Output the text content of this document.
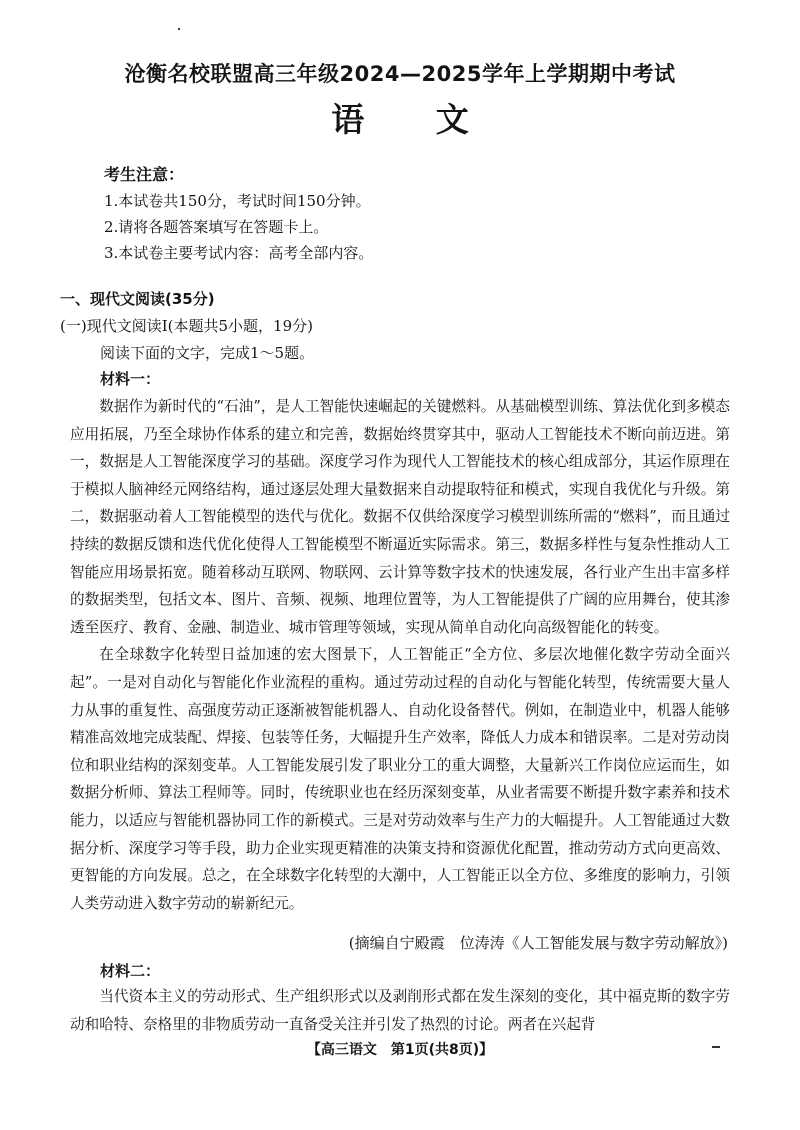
沧衡名校联盟高三年级2024—2025学年上学期期中考试
语 文
考生注意：
1.本试卷共150分，考试时间150分钟。
2.请将各题答案填写在答题卡上。
3.本试卷主要考试内容：高考全部内容。
一、现代文阅读(35分)
(一)现代文阅读Ⅰ(本题共5小题，19分)
阅读下面的文字，完成1～5题。
材料一：

数据作为新时代的“石油”，是人工智能快速崛起的关键燃料。从基础模型训练、算法优化到多模态应用拓展，乃至全球协作体系的建立和完善，数据始终贯穿其中，驱动人工智能技术不断向前迈进。第一，数据是人工智能深度学习的基础。深度学习作为现代人工智能技术的核心组成部分，其运作原理在于模拟人脑神经元网络结构，通过逐层处理大量数据来自动提取特征和模式，实现自我优化与升级。第二，数据驱动着人工智能模型的迭代与优化。数据不仅供给深度学习模型训练所需的“燃料”，而且通过持续的数据反馈和迭代优化使得人工智能模型不断逼近实际需求。第三，数据多样性与复杂性推动人工智能应用场景拓宽。随着移动互联网、物联网、云计算等数字技术的快速发展，各行业产生出丰富多样的数据类型，包括文本、图片、音频、视频、地理位置等，为人工智能提供了广阔的应用舞台，使其渗透至医疗、教育、金融、制造业、城市管理等领域，实现从简单自动化向高级智能化的转变。

在全球数字化转型日益加速的宏大图景下，人工智能正“全方位、多层次地催化数字劳动全面兴起”。一是对自动化与智能化作业流程的重构。通过劳动过程的自动化与智能化转型，传统需要大量人力从事的重复性、高强度劳动正逐渐被智能机器人、自动化设备替代。例如，在制造业中，机器人能够精准高效地完成装配、焊接、包装等任务，大幅提升生产效率，降低人力成本和错误率。二是对劳动岗位和职业结构的深刻变革。人工智能发展引发了职业分工的重大调整，大量新兴工作岗位应运而生，如数据分析师、算法工程师等。同时，传统职业也在经历深刻变革，从业者需要不断提升数字素养和技术能力，以适应与智能机器协同工作的新模式。三是对劳动效率与生产力的大幅提升。人工智能通过大数据分析、深度学习等手段，助力企业实现更精准的决策支持和资源优化配置，推动劳动方式向更高效、更智能的方向发展。总之，在全球数字化转型的大潮中，人工智能正以全方位、多维度的影响力，引领人类劳动进入数字劳动的崭新纪元。

(摘编自宁殿霞　位涛涛《人工智能发展与数字劳动解放》)
材料二：

当代资本主义的劳动形式、生产组织形式以及剥削形式都在发生深刻的变化，其中福克斯的数字劳动和哈特、奈格里的非物质劳动一直备受关注并引发了热烈的讨论。两者在兴起背

【高三语文　第1页(共8页)】
